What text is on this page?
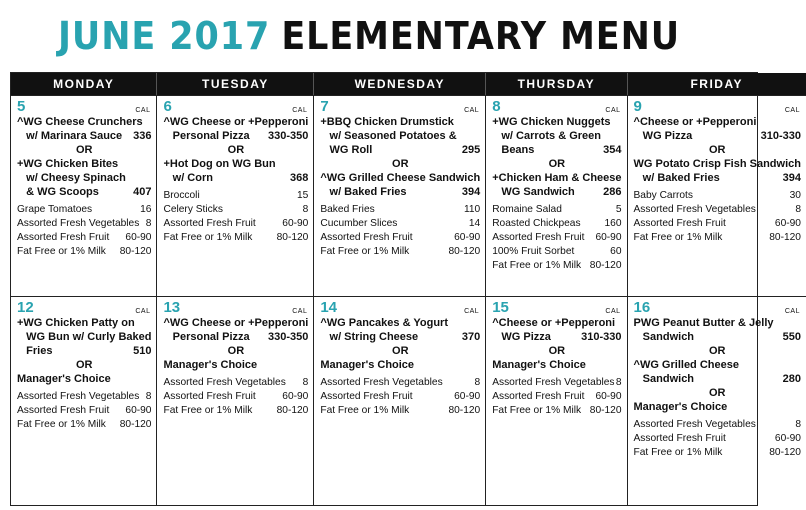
JUNE 2017 ELEMENTARY MENU
MONDAY	TUESDAY	WEDNESDAY	THURSDAY	FRIDAY
5	CAL
^WG Cheese Crunchers
w/ Marinara Sauce 336
OR
+WG Chicken Bites
w/ Cheesy Spinach
& WG Scoops	407
Grape Tomatoes	16
Assorted Fresh Vegetables 8
Assorted Fresh Fruit 60-90
Fat Free or 1% Milk 80-120
6	CAL
^WG Cheese or +Pepperoni
Personal Pizza	330-350
OR
+Hot Dog on WG Bun
w/ Corn	368
Broccoli	15
Celery Sticks	8
Assorted Fresh Fruit	60-90
Fat Free or 1% Milk 80-120
7	CAL
+BBQ Chicken Drumstick
w/ Seasoned Potatoes &
WG Roll	295
OR
^WG Grilled Cheese Sandwich
w/ Baked Fries	394
Baked Fries	110
Cucumber Slices	14
Assorted Fresh Fruit	60-90
Fat Free or 1% Milk	80-120
8	CAL
+WG Chicken Nuggets
w/ Carrots & Green
Beans	354
OR
+Chicken Ham & Cheese
WG Sandwich	286
Romaine Salad	5
Roasted Chickpeas 160
Assorted Fresh Fruit 60-90
100% Fruit Sorbet	60
Fat Free or 1% Milk 80-120
9	CAL
^Cheese or +Pepperoni
WG Pizza	310-330
OR
WG Potato Crisp Fish Sandwich
w/ Baked Fries	394
Baby Carrots	30
Assorted Fresh Vegetables	8
Assorted Fresh Fruit	60-90
Fat Free or 1% Milk	80-120
12	CAL
+WG Chicken Patty on
WG Bun w/ Curly Baked
Fries	510
OR
Manager's Choice
Assorted Fresh Vegetables 8
Assorted Fresh Fruit 60-90
Fat Free or 1% Milk 80-120
13	CAL
^WG Cheese or +Pepperoni
Personal Pizza	330-350
OR
Manager's Choice
Assorted Fresh Vegetables 8
Assorted Fresh Fruit	60-90
Fat Free or 1% Milk 80-120
14	CAL
^WG Pancakes & Yogurt
w/ String Cheese	370
OR
Manager's Choice
Assorted Fresh Vegetables	8
Assorted Fresh Fruit	60-90
Fat Free or 1% Milk	80-120
15	CAL
^Cheese or +Pepperoni
WG Pizza	310-330
OR
Manager's Choice
Assorted Fresh Vegetables 8
Assorted Fresh Fruit 60-90
Fat Free or 1% Milk 80-120
16	CAL
PWG Peanut Butter & Jelly
Sandwich	550
OR
^WG Grilled Cheese
Sandwich	280
OR
Manager's Choice
Assorted Fresh Vegetables	8
Assorted Fresh Fruit	60-90
Fat Free or 1% Milk	80-120
